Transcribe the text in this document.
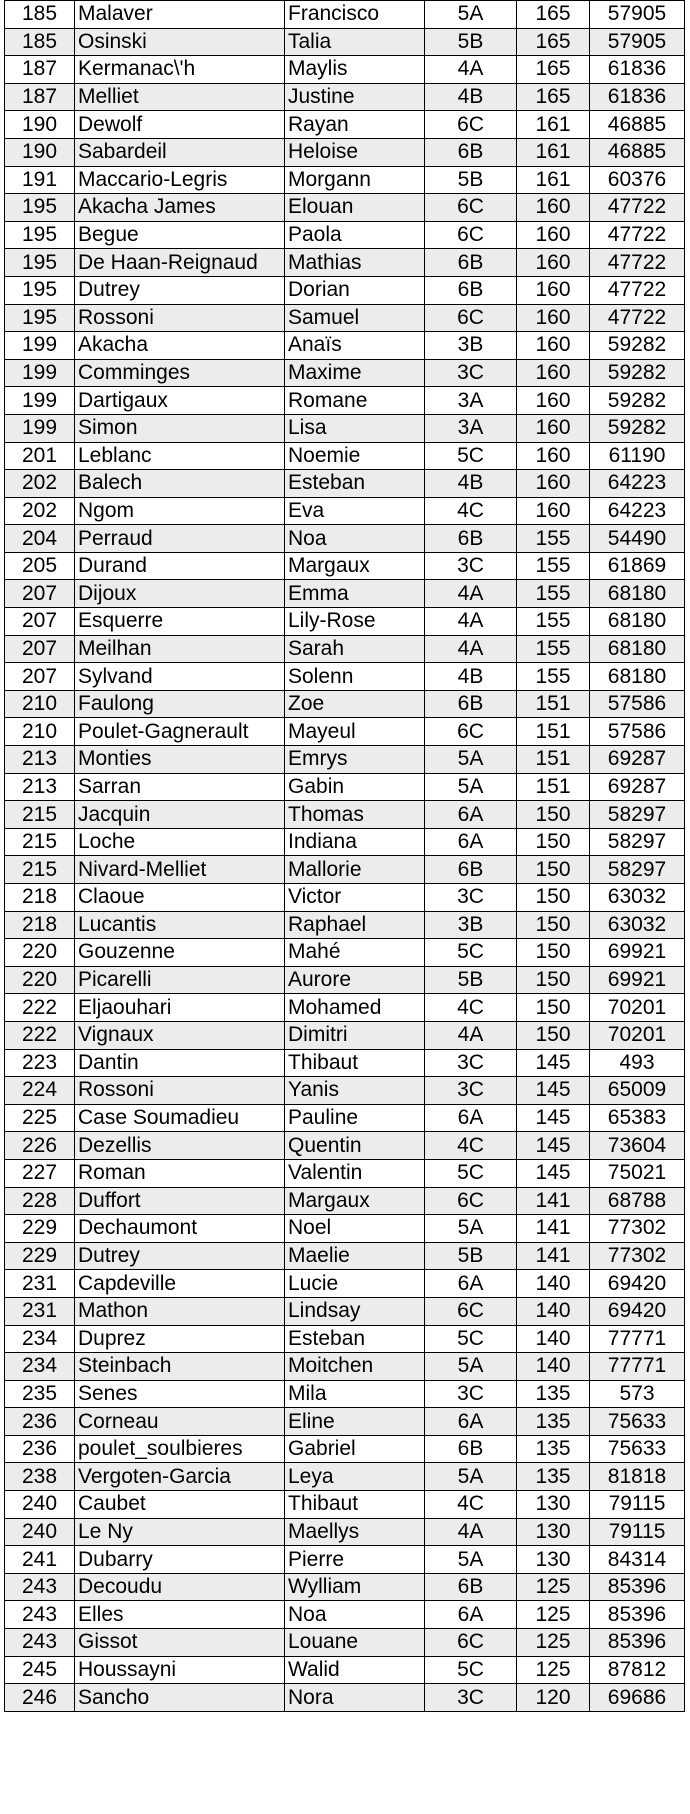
185	Malaver	Francisco	5A	165	57905
185	Osinski	Talia	5B	165	57905
187	Kermanac\'h	Maylis	4A	165	61836
187	Melliet	Justine	4B	165	61836
190	Dewolf	Rayan	6C	161	46885
190	Sabardeil	Heloise	6B	161	46885
191	Maccario-Legris	Morgann	5B	161	60376
195	Akacha James	Elouan	6C	160	47722
195	Begue	Paola	6C	160	47722
195	De Haan-Reignaud	Mathias	6B	160	47722
195	Dutrey	Dorian	6B	160	47722
195	Rossoni	Samuel	6C	160	47722
199	Akacha	Anaïs	3B	160	59282
199	Comminges	Maxime	3C	160	59282
199	Dartigaux	Romane	3A	160	59282
199	Simon	Lisa	3A	160	59282
201	Leblanc	Noemie	5C	160	61190
202	Balech	Esteban	4B	160	64223
202	Ngom	Eva	4C	160	64223
204	Perraud	Noa	6B	155	54490
205	Durand	Margaux	3C	155	61869
207	Dijoux	Emma	4A	155	68180
207	Esquerre	Lily-Rose	4A	155	68180
207	Meilhan	Sarah	4A	155	68180
207	Sylvand	Solenn	4B	155	68180
210	Faulong	Zoe	6B	151	57586
210	Poulet-Gagnerault	Mayeul	6C	151	57586
213	Monties	Emrys	5A	151	69287
213	Sarran	Gabin	5A	151	69287
215	Jacquin	Thomas	6A	150	58297
215	Loche	Indiana	6A	150	58297
215	Nivard-Melliet	Mallorie	6B	150	58297
218	Claoue	Victor	3C	150	63032
218	Lucantis	Raphael	3B	150	63032
220	Gouzenne	Mahé	5C	150	69921
220	Picarelli	Aurore	5B	150	69921
222	Eljaouhari	Mohamed	4C	150	70201
222	Vignaux	Dimitri	4A	150	70201
223	Dantin	Thibaut	3C	145	493
224	Rossoni	Yanis	3C	145	65009
225	Case Soumadieu	Pauline	6A	145	65383
226	Dezellis	Quentin	4C	145	73604
227	Roman	Valentin	5C	145	75021
228	Duffort	Margaux	6C	141	68788
229	Dechaumont	Noel	5A	141	77302
229	Dutrey	Maelie	5B	141	77302
231	Capdeville	Lucie	6A	140	69420
231	Mathon	Lindsay	6C	140	69420
234	Duprez	Esteban	5C	140	77771
234	Steinbach	Moitchen	5A	140	77771
235	Senes	Mila	3C	135	573
236	Corneau	Eline	6A	135	75633
236	poulet_soulbieres	Gabriel	6B	135	75633
238	Vergoten-Garcia	Leya	5A	135	81818
240	Caubet	Thibaut	4C	130	79115
240	Le Ny	Maellys	4A	130	79115
241	Dubarry	Pierre	5A	130	84314
243	Decoudu	Wylliam	6B	125	85396
243	Elles	Noa	6A	125	85396
243	Gissot	Louane	6C	125	85396
245	Houssayni	Walid	5C	125	87812
246	Sancho	Nora	3C	120	69686
